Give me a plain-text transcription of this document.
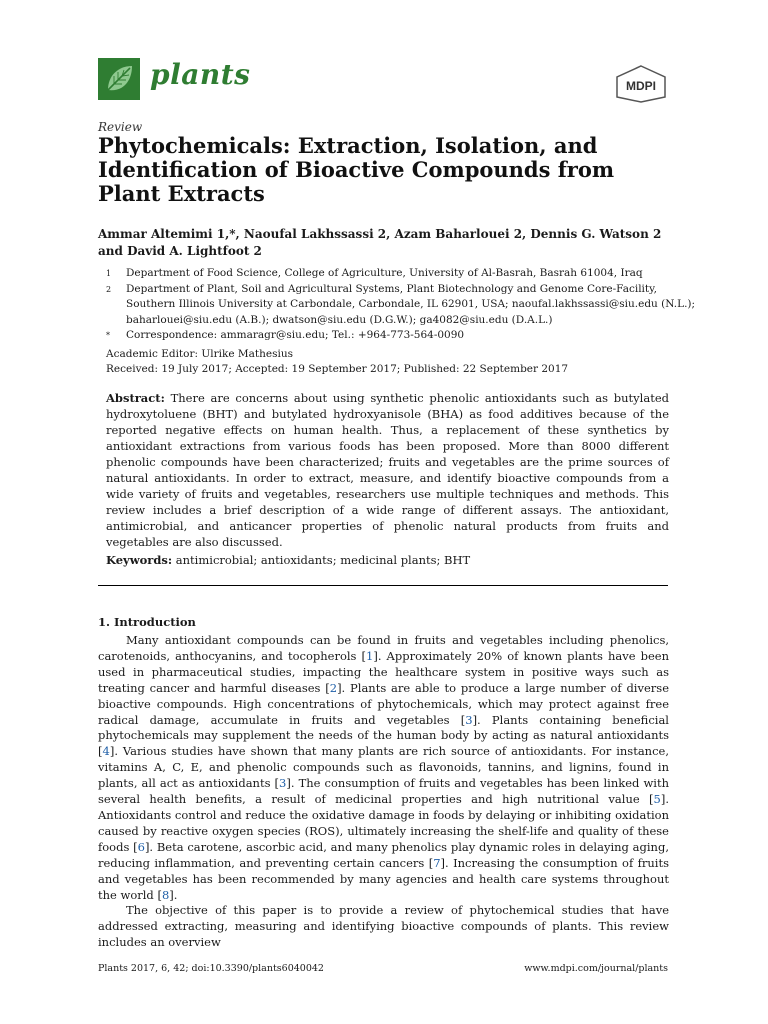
plants	MDPI
Review
Phytochemicals: Extraction, Isolation, and Identification of Bioactive Compounds from Plant Extracts
Ammar Altemimi 1,*, Naoufal Lakhssassi 2, Azam Baharlouei 2, Dennis G. Watson 2
and David A. Lightfoot 2
1	Department of Food Science, College of Agriculture, University of Al-Basrah, Basrah 61004, Iraq
2	Department of Plant, Soil and Agricultural Systems, Plant Biotechnology and Genome Core-Facility, Southern Illinois University at Carbondale, Carbondale, IL 62901, USA; naoufal.lakhssassi@siu.edu (N.L.); baharlouei@siu.edu (A.B.); dwatson@siu.edu (D.G.W.); ga4082@siu.edu (D.A.L.)
*	Correspondence: ammaragr@siu.edu; Tel.: +964-773-564-0090
Academic Editor: Ulrike Mathesius
Received: 19 July 2017; Accepted: 19 September 2017; Published: 22 September 2017
Abstract: There are concerns about using synthetic phenolic antioxidants such as butylated hydroxytoluene (BHT) and butylated hydroxyanisole (BHA) as food additives because of the reported negative effects on human health. Thus, a replacement of these synthetics by antioxidant extractions from various foods has been proposed. More than 8000 different phenolic compounds have been characterized; fruits and vegetables are the prime sources of natural antioxidants. In order to extract, measure, and identify bioactive compounds from a wide variety of fruits and vegetables, researchers use multiple techniques and methods. This review includes a brief description of a wide range of different assays. The antioxidant, antimicrobial, and anticancer properties of phenolic natural products from fruits and vegetables are also discussed.
Keywords: antimicrobial; antioxidants; medicinal plants; BHT
1. Introduction

Many antioxidant compounds can be found in fruits and vegetables including phenolics, carotenoids, anthocyanins, and tocopherols [1]. Approximately 20% of known plants have been used in pharmaceutical studies, impacting the healthcare system in positive ways such as treating cancer and harmful diseases [2]. Plants are able to produce a large number of diverse bioactive compounds. High concentrations of phytochemicals, which may protect against free radical damage, accumulate in fruits and vegetables [3]. Plants containing beneficial phytochemicals may supplement the needs of the human body by acting as natural antioxidants [4]. Various studies have shown that many plants are rich source of antioxidants. For instance, vitamins A, C, E, and phenolic compounds such as flavonoids, tannins, and lignins, found in plants, all act as antioxidants [3]. The consumption of fruits and vegetables has been linked with several health benefits, a result of medicinal properties and high nutritional value [5]. Antioxidants control and reduce the oxidative damage in foods by delaying or inhibiting oxidation caused by reactive oxygen species (ROS), ultimately increasing the shelf-life and quality of these foods [6]. Beta carotene, ascorbic acid, and many phenolics play dynamic roles in delaying aging, reducing inflammation, and preventing certain cancers [7]. Increasing the consumption of fruits and vegetables has been recommended by many agencies and health care systems throughout the world [8].

The objective of this paper is to provide a review of phytochemical studies that have addressed extracting, measuring and identifying bioactive compounds of plants. This review includes an overview

Plants 2017, 6, 42; doi:10.3390/plants6040042	www.mdpi.com/journal/plants
